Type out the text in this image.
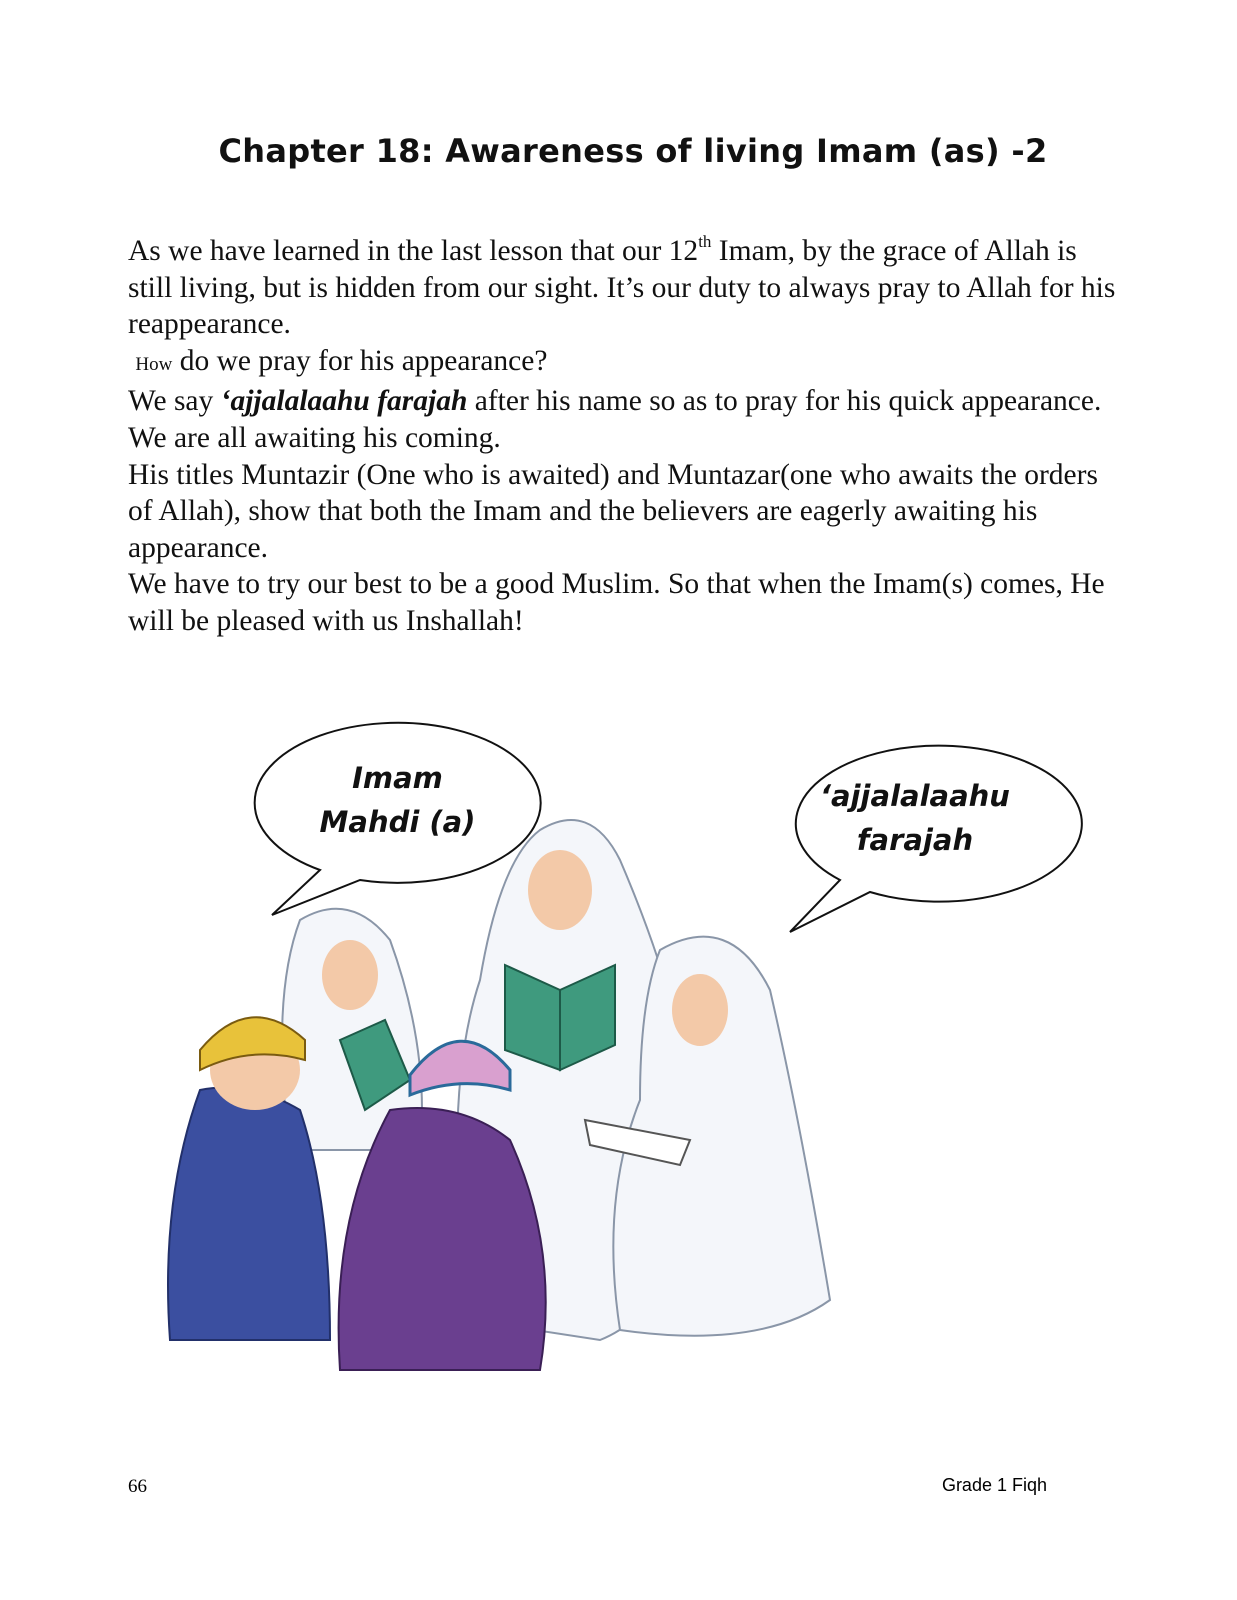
Chapter 18: Awareness of living Imam (as) -2

As we have learned in the last lesson that our 12th Imam, by the grace of Allah is still living, but is hidden from our sight. It’s our duty to always pray to Allah for his reappearance.

How do we pray for his appearance?

We say ‘ajjalalaahu farajah after his name so as to pray for his quick appearance. We are all awaiting his coming.

His titles Muntazir (One who is awaited) and Muntazar(one who awaits the orders of Allah), show that both the Imam and the believers are eagerly awaiting his appearance.

We have to try our best to be a good Muslim. So that when the Imam(s) comes, He will be pleased with us Inshallah!

Imam
Mahdi (a)
‘ajjalalaahu
farajah
66	Grade 1 Fiqh
